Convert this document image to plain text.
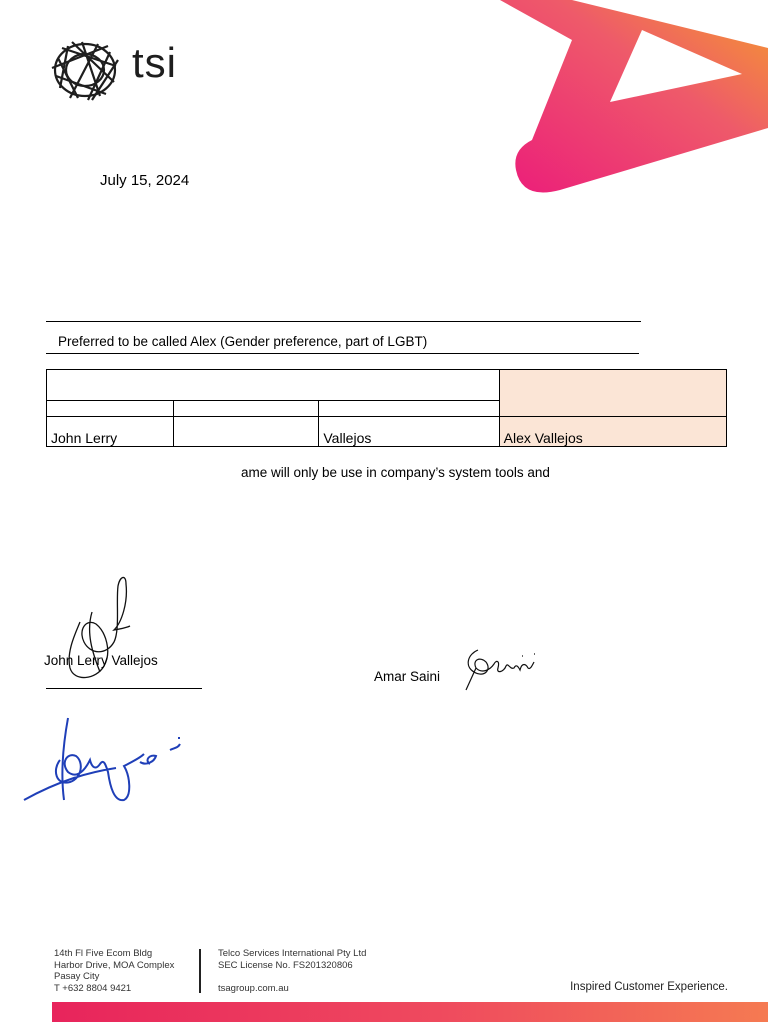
tsi
July 15, 2024
Preferred to be called Alex (Gender preference, part of LGBT)

John Lerry		Vallejos	Alex Vallejos
ame will only be use in company’s system tools and
John Lerry Vallejos
Amar Saini
14th Fl Five Ecom Bldg
Harbor Drive, MOA Complex
Pasay City
T +632 8804 9421
Telco Services International Pty Ltd
SEC License No. FS201320806
tsagroup.com.au	Inspired Customer Experience.
